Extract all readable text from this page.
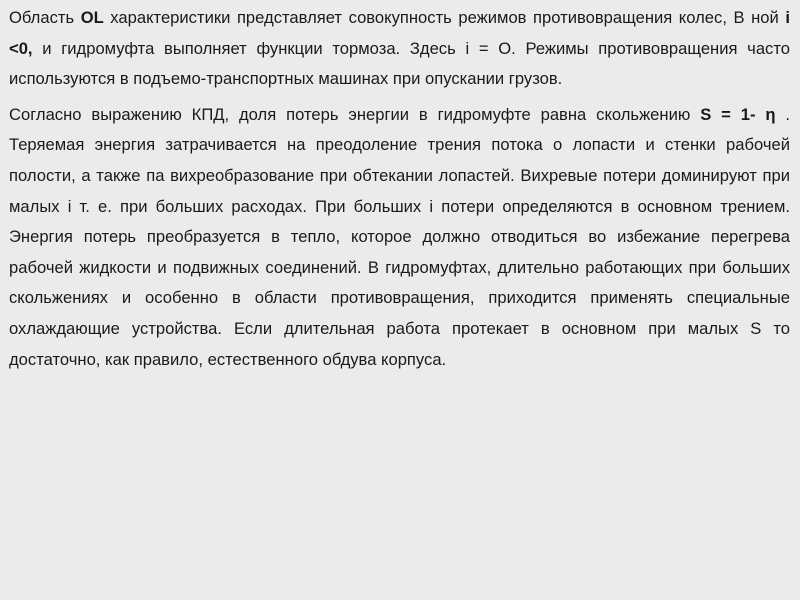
Область OL характеристики представляет совокупность режимов противовращения колес, В ной i <0, и гидромуфта выполняет функции тормоза. Здесь i = О. Режимы противовращения часто используются в подъемо-транспортных машинах при опускании грузов.

Согласно выражению КПД, доля потерь энергии в гидромуфте равна скольжению S = 1- η . Теряемая энергия затрачивается на преодоление трения потока о лопасти и стенки рабочей полости, а также па вихреобразование при обтекании лопастей. Вихревые потери доминируют при малых i т. е. при больших расходах. При больших i потери определяются в основном трением. Энергия потерь преобразуется в тепло, которое должно отводиться во избежание перегрева рабочей жидкости и подвижных соединений. В гидромуфтах, длительно работающих при больших скольжениях и особенно в области противовращения, приходится применять специальные охлаждающие устройства. Если длительная работа протекает в основном при малых S то достаточно, как правило, естественного обдува корпуса.
